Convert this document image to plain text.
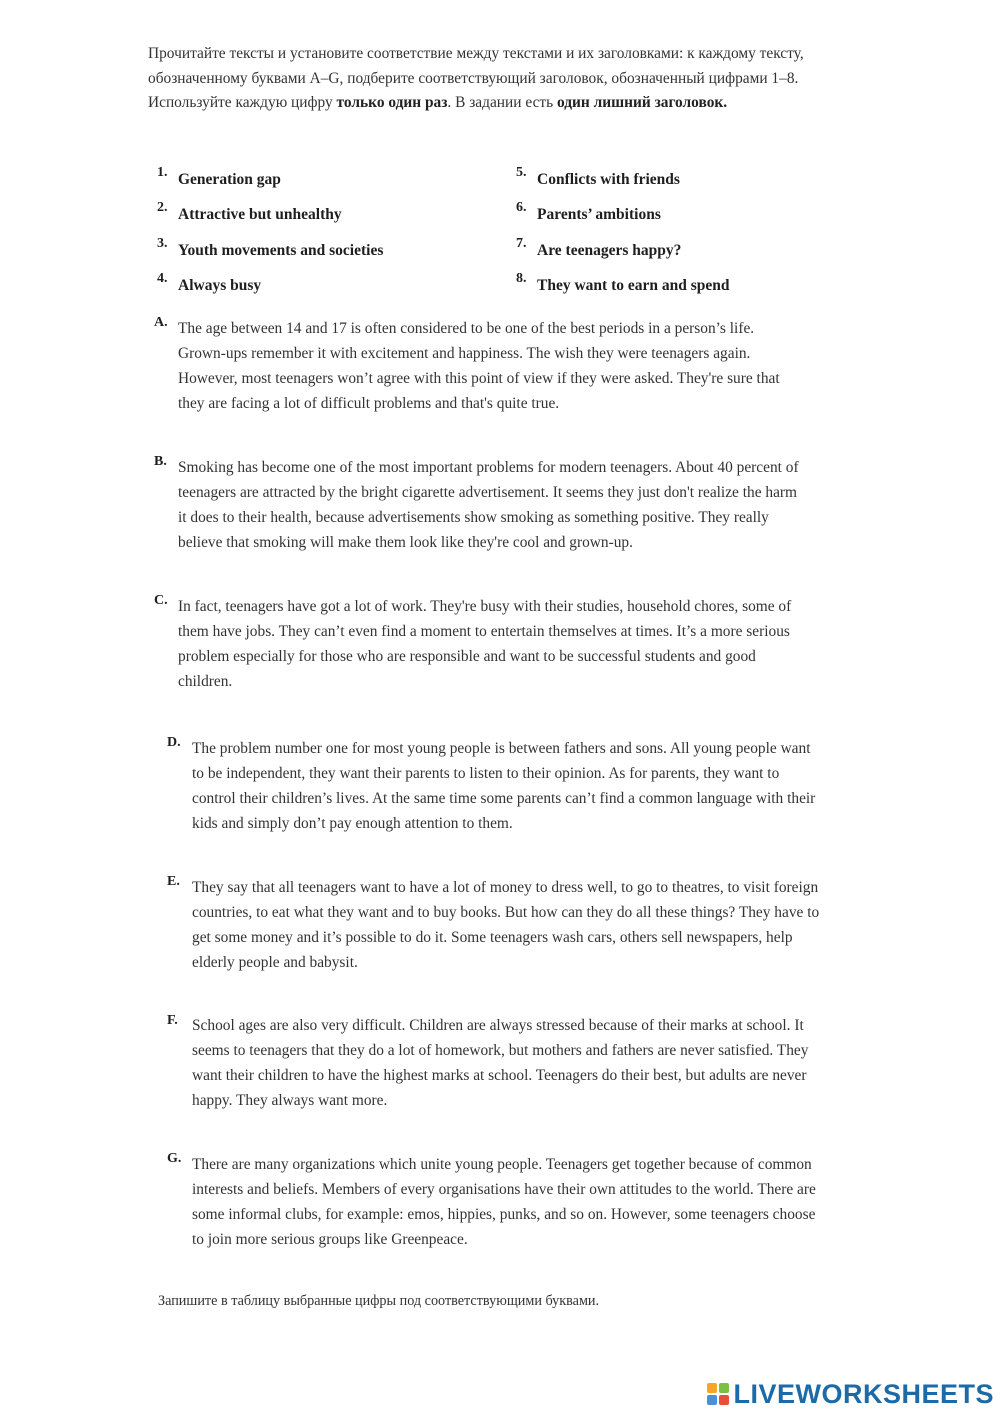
Прочитайте тексты и установите соответствие между текстами и их заголовками: к каждому тексту, обозначенному буквами A–G, подберите соответствующий заголовок, обозначенный цифрами 1–8. Используйте каждую цифру только один раз. В задании есть один лишний заголовок.
1. Generation gap
2. Attractive but unhealthy
3. Youth movements and societies
4. Always busy
5. Conflicts with friends
6. Parents’ ambitions
7. Are teenagers happy?
8. They want to earn and spend
A. The age between 14 and 17 is often considered to be one of the best periods in a person’s life.
Grown-ups remember it with excitement and happiness. The wish they were teenagers again.
However, most teenagers won’t agree with this point of view if they were asked. They're sure that
they are facing a lot of difficult problems and that's quite true.
B. Smoking has become one of the most important problems for modern teenagers. About 40 percent of
teenagers are attracted by the bright cigarette advertisement. It seems they just don't realize the harm
it does to their health, because advertisements show smoking as something positive. They really
believe that smoking will make them look like they're cool and grown-up.
C. In fact, teenagers have got a lot of work. They're busy with their studies, household chores, some of
them have jobs. They can’t even find a moment to entertain themselves at times. It’s a more serious
problem especially for those who are responsible and want to be successful students and good
children.
D. The problem number one for most young people is between fathers and sons. All young people want
to be independent, they want their parents to listen to their opinion. As for parents, they want to
control their children’s lives. At the same time some parents can’t find a common language with their
kids and simply don’t pay enough attention to them.
E. They say that all teenagers want to have a lot of money to dress well, to go to theatres, to visit foreign
countries, to eat what they want and to buy books. But how can they do all these things? They have to
get some money and it’s possible to do it. Some teenagers wash cars, others sell newspapers, help
elderly people and babysit.
F. School ages are also very difficult. Children are always stressed because of their marks at school. It
seems to teenagers that they do a lot of homework, but mothers and fathers are never satisfied. They
want their children to have the highest marks at school. Teenagers do their best, but adults are never
happy. They always want more.
G. There are many organizations which unite young people. Teenagers get together because of common
interests and beliefs. Members of every organisations have their own attitudes to the world. There are
some informal clubs, for example: emos, hippies, punks, and so on. However, some teenagers choose
to join more serious groups like Greenpeace.
Запишите в таблицу выбранные цифры под соответствующими буквами.
LIVEWORKSHEETS
